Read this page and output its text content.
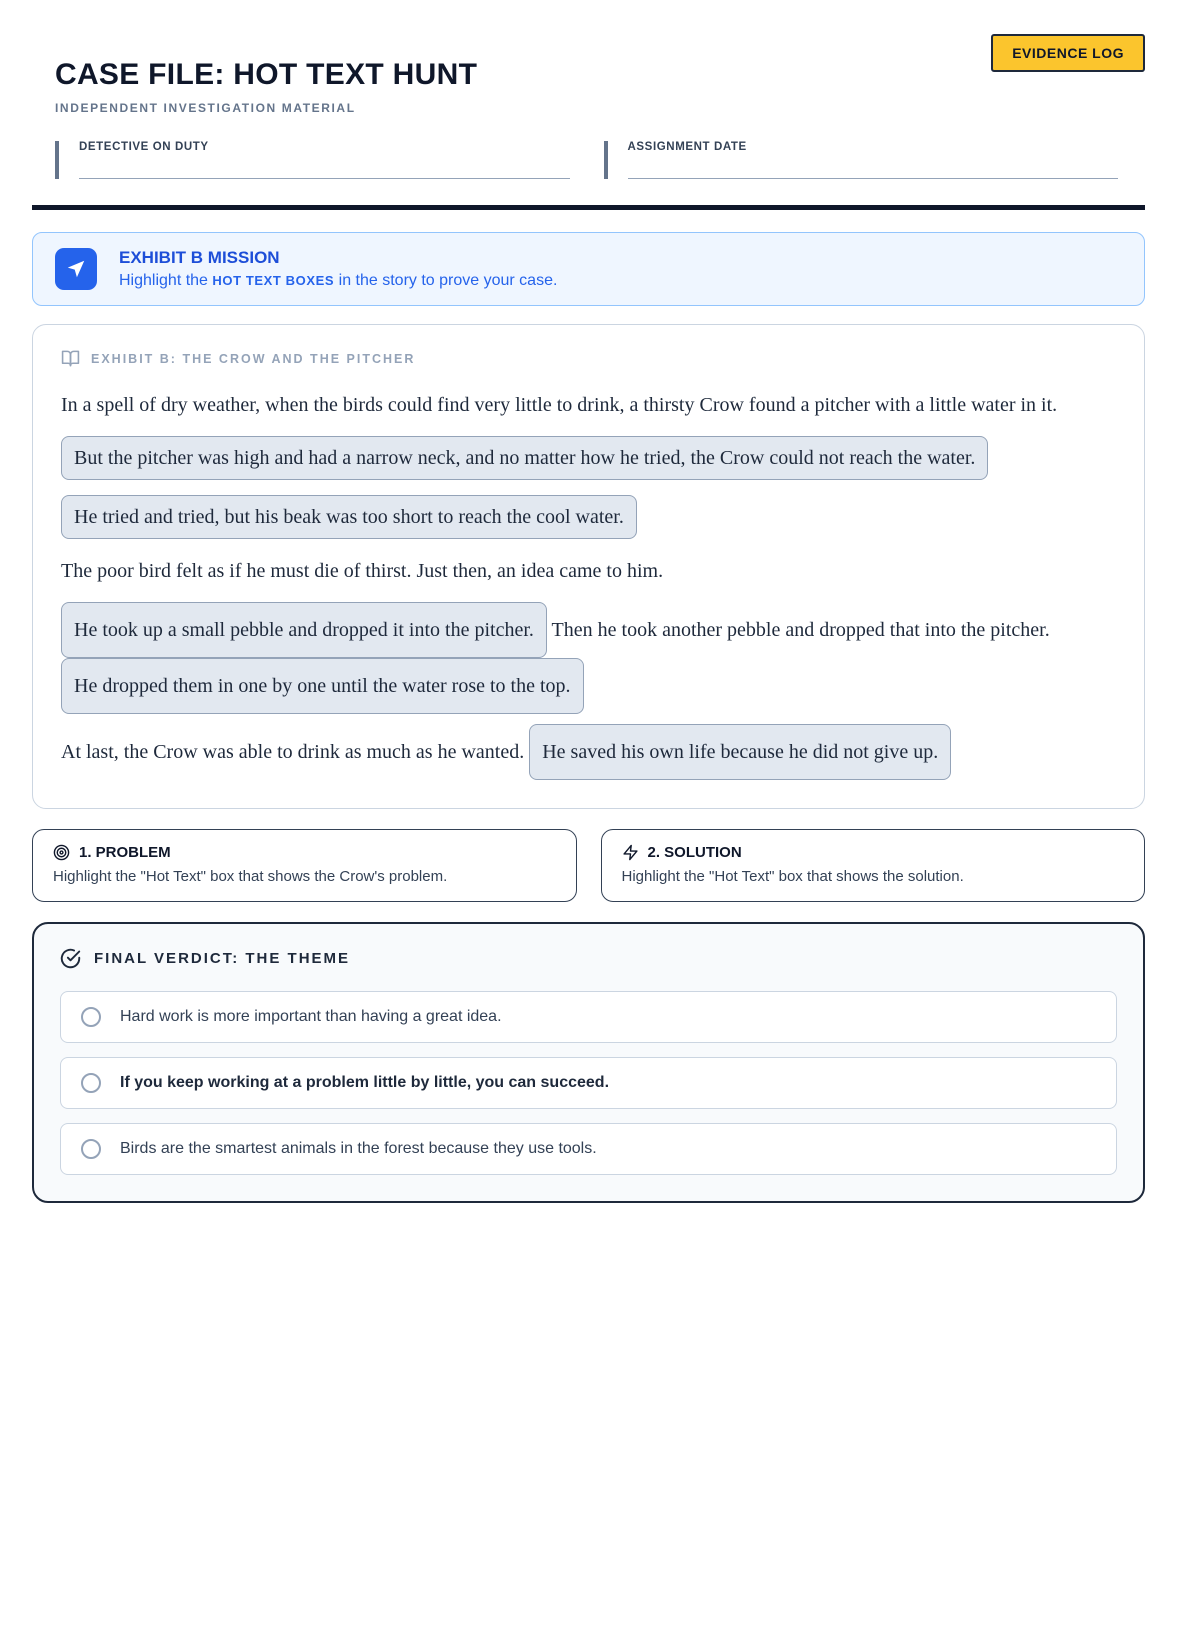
EVIDENCE LOG
CASE FILE: HOT TEXT HUNT
INDEPENDENT INVESTIGATION MATERIAL
DETECTIVE ON DUTY	ASSIGNMENT DATE
EXHIBIT B MISSION
Highlight the HOT TEXT BOXES in the story to prove your case.
EXHIBIT B: THE CROW AND THE PITCHER

In a spell of dry weather, when the birds could find very little to drink, a thirsty Crow found a pitcher with a little water in it.

But the pitcher was high and had a narrow neck, and no matter how he tried, the Crow could not reach the water.

He tried and tried, but his beak was too short to reach the cool water.

The poor bird felt as if he must die of thirst. Just then, an idea came to him.

He took up a small pebble and dropped it into the pitcher. Then he took another pebble and dropped that into the pitcher. He dropped them in one by one until the water rose to the top.

At last, the Crow was able to drink as much as he wanted. He saved his own life because he did not give up.

1. PROBLEM
Highlight the "Hot Text" box that shows the Crow's problem.
2. SOLUTION
Highlight the "Hot Text" box that shows the solution.
FINAL VERDICT: THE THEME
Hard work is more important than having a great idea.
If you keep working at a problem little by little, you can succeed.
Birds are the smartest animals in the forest because they use tools.
